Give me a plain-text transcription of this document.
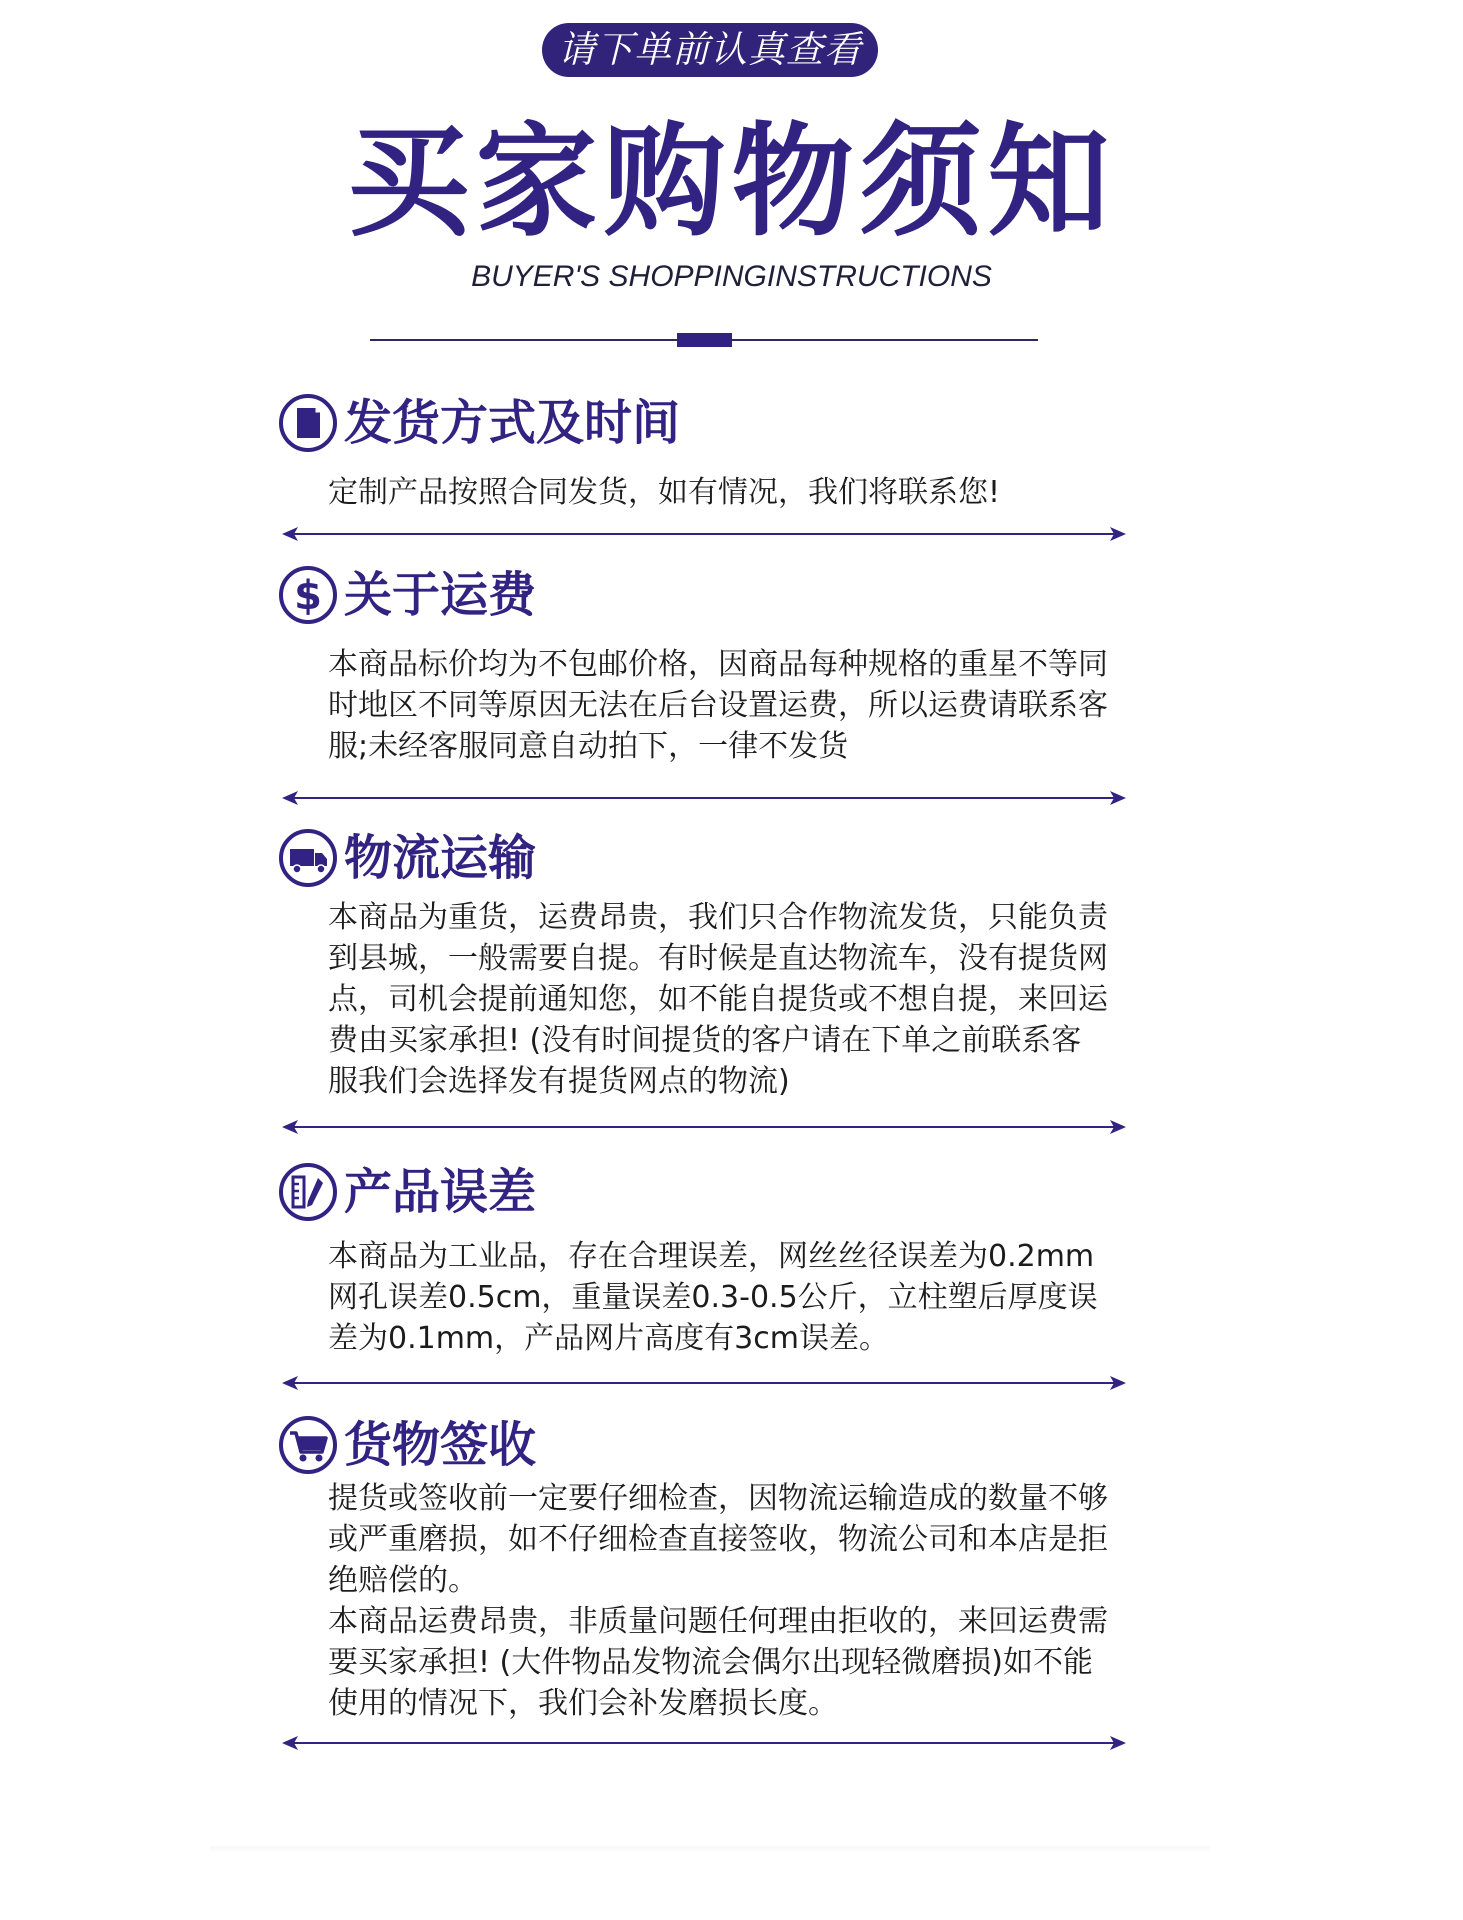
请下单前认真查看
买家购物须知
BUYER'S SHOPPINGINSTRUCTIONS
发货方式及时间
定制产品按照合同发货，如有情况，我们将联系您!
$ 关于运费
本商品标价均为不包邮价格，因商品每种规格的重星不等同时地区不同等原因无法在后台设置运费，所以运费请联系客服;未经客服同意自动拍下，一律不发货
物流运输
本商品为重货，运费昂贵，我们只合作物流发货，只能负责到县城，一般需要自提。有时候是直达物流车，没有提货网点，司机会提前通知您，如不能自提货或不想自提，来回运费由买家承担! (没有时间提货的客户请在下单之前联系客服我们会选择发有提货网点的物流)
产品误差
本商品为工业品，存在合理误差，网丝丝径误差为0.2mm网孔误差0.5cm，重量误差0.3-0.5公斤，立柱塑后厚度误差为0.1mm，产品网片高度有3cm误差。
货物签收
提货或签收前一定要仔细检查，因物流运输造成的数量不够或严重磨损，如不仔细检查直接签收，物流公司和本店是拒绝赔偿的。
本商品运费昂贵，非质量问题任何理由拒收的，来回运费需要买家承担! (大件物品发物流会偶尔出现轻微磨损)如不能使用的情况下，我们会补发磨损长度。
